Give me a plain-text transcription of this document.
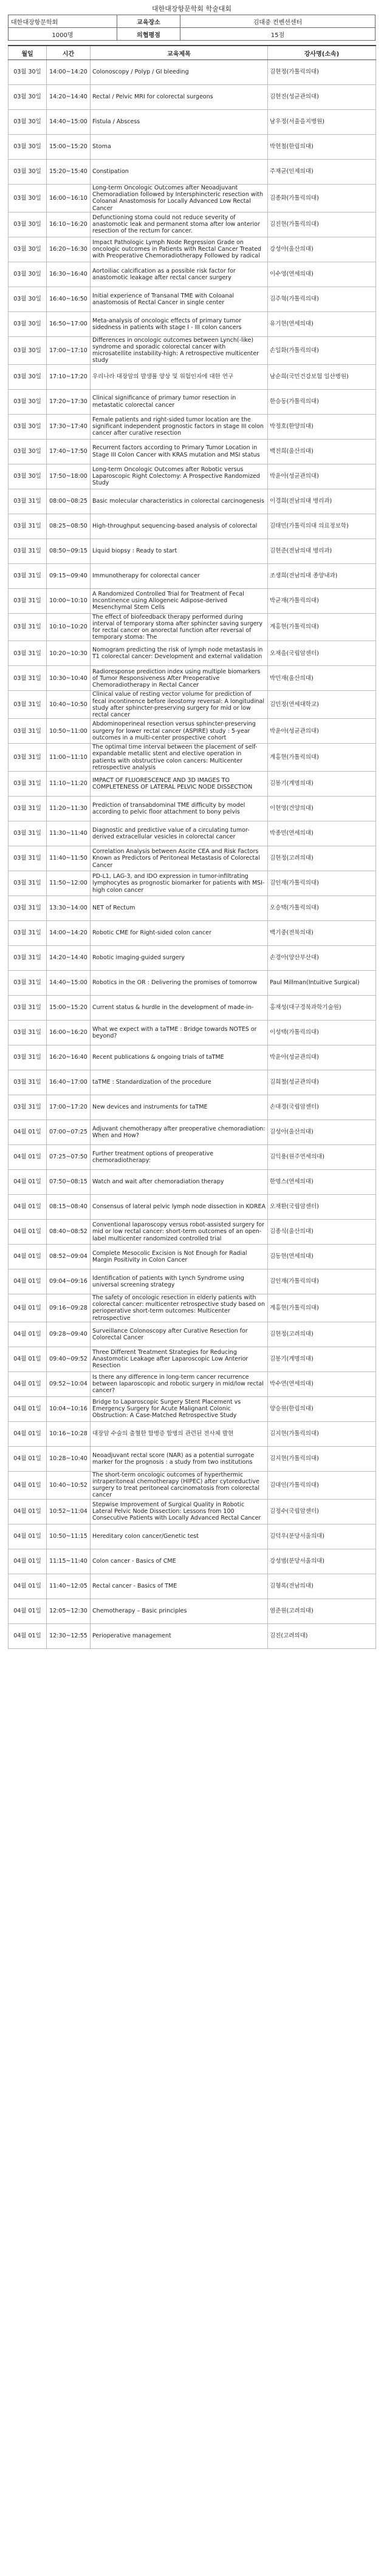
대한대장항문학회 학술대회
대한대장항문학회	교육장소	김대중 컨벤션센터
1000명	의협평점	15점
월일	시간	교육제목	강사명(소속)
03월 30일	14:00~14:20	Colonoscopy / Polyp / GI bleeding	김현정(가톨릭의대)
03월 30일	14:20~14:40	Rectal / Pelvic MRI for colorectal surgeons	김현진(성균관의대)
03월 30일	14:40~15:00	Fistula / Abscess	남우정(서울을지병원)
03월 30일	15:00~15:20	Stoma	박현철(한림의대)
03월 30일	15:20~15:40	Constipation	주재균(인제의대)
03월 30일	16:00~16:10	Long-term Oncologic Outcomes after Neoadjuvant Chemoradiation followed by Intersphincteric resection with Coloanal Anastomosis for Locally Advanced Low Rectal Cancer	김종화(가톨릭의대)
03월 30일	16:10~16:20	Defunctioning stoma could not reduce severity of anastomotic leak and permanent stoma after low anterior resection of the rectum for cancer.	김진현(가톨릭의대)
03월 30일	16:20~16:30	Impact Pathologic Lymph Node Regression Grade on oncologic outcomes in Patients with Rectal Cancer Treated with Preoperative Chemoradiotherapy Followed by radical	강성아(울산의대)
03월 30일	16:30~16:40	Aortoiliac calcification as a possible risk factor for anastomotic leakage after rectal cancer surgery	이수영(연세의대)
03월 30일	16:40~16:50	Initial experience of Transanal TME with Coloanal anastomosis of Rectal Cancer in single center	김주혁(가톨릭의대)
03월 30일	16:50~17:00	Meta-analysis of oncologic effects of primary tumor sidedness in patients with stage I - III colon cancers	유기현(연세의대)
03월 30일	17:00~17:10	Differences in oncologic outcomes between Lynch(-like) syndrome and sporadic colorectal cancer with microsatellite instability-high: A retrospective multicenter study	손일화(가톨릭의대)
03월 30일	17:10~17:20	우리나라 대장암의 발생률 양상 및 위험인자에 대한 연구	남순희(국민건강보험 일산병원)
03월 30일	17:20~17:30	Clinical significance of primary tumor resection in metastatic colorectal cancer	한승동(가톨릭의대)
03월 30일	17:30~17:40	Female patients and right-sided tumor location are the significant independent prognostic factors in stage III colon cancer after curative resection	박정호(한양의대)
03월 30일	17:40~17:50	Recurrent factors according to Primary Tumor Location in Stage III Colon Cancer with KRAS mutation and MSI status	백진희(울산의대)
03월 30일	17:50~18:00	Long-term Oncologic Outcomes after Robotic versus Laparoscopic Right Colectomy: A Prospective Randomized Study	박윤아(성균관의대)
03월 31일	08:00~08:25	Basic molecular characteristics in colorectal carcinogenesis	이경희(전남의대 병리과)
03월 31일	08:25~08:50	High-throughput sequencing-based analysis of colorectal	김태민(가톨릭의대 의료정보학)
03월 31일	08:50~09:15	Liquid biopsy : Ready to start	김현준(전남의대 병리과)
03월 31일	09:15~09:40	Immunotherapy for colorectal cancer	조생희(전남의대 종양내과)
03월 31일	10:00~10:10	A Randomized Controlled Trial for Treatment of Fecal Incontinence using Allogeneic Adipose-derived Mesenchymal Stem Cells	박균재(가톨릭의대)
03월 31일	10:10~10:20	The effect of biofeedback therapy performed during interval of temporary stoma after sphincter saving surgery for rectal cancer on anorectal function after reversal of temporary stoma: The	계홍현(가톨릭의대)
03월 31일	10:20~10:30	Nomogram predicting the risk of lymph node metastasis in T1 colorectal cancer: Development and external validation	오재을(국립암센터)
03월 31일	10:30~10:40	Radioresponse prediction index using multiple biomarkers of Tumor Responsiveness After Preoperative Chemoradiotherapy in Rectal Cancer	박민재(울산의대)
03월 31일	10:40~10:50	Clinical value of resting vector volume for prediction of fecal incontinence before ileostomy reversal: A longitudinal study after sphincter-preserving surgery for mid or low rectal cancer	김민정(연세대학교)
03월 31일	10:50~11:00	Abdominoperineal resection versus sphincter-preserving surgery for lower rectal cancer (ASPIRE) study : 5-year outcomes in a multi-center prospective cohort	박윤아(성균관의대)
03월 31일	11:00~11:10	The optimal time interval between the placement of self-expandable metallic stent and elective operation in patients with obstructive colon cancers: Multicenter retrospective analysis	계홍현(가톨릭의대)
03월 31일	11:10~11:20	IMPACT OF FLUORESCENCE AND 3D IMAGES TO COMPLETENESS OF LATERAL PELVIC NODE DISSECTION	김봉기(계명의대)
03월 31일	11:20~11:30	Prediction of transabdominal TME difficulty by model according to pelvic floor attachment to bony pelvis	이현영(건양의대)
03월 31일	11:30~11:40	Diagnostic and predictive value of a circulating tumor-derived extracellular vesicles in colorectal cancer	박종민(연세의대)
03월 31일	11:40~11:50	Correlation Analysis between Ascite CEA and Risk Factors Known as Predictors of Peritoneal Metastasis of Colorectal Cancer	김현정(고려의대)
03월 31일	11:50~12:00	PD-L1, LAG-3, and IDO expression in tumor-infiltrating lymphocytes as prognostic biomarker for patients with MSI-high colon cancer	김인재(가톨릭의대)
03월 31일	13:30~14:00	NET of Rectum	오승택(가톨릭의대)
03월 31일	14:00~14:20	Robotic CME for Right-sided colon cancer	백기중(전북의대)
03월 31일	14:20~14:40	Robotic imaging-guided surgery	손경아(양산부산대)
03월 31일	14:40~15:00	Robotics in the OR : Delivering the promises of tomorrow	Paul Millman(Intuitive Surgical)
03월 31일	15:00~15:20	Current status & hurdle in the development of made-in-	홍재성(대구경북과학기술원)
03월 31일	16:00~16:20	What we expect with a taTME : Bridge towards NOTES or beyond?	이성택(가톨릭의대)
03월 31일	16:20~16:40	Recent publications & ongoing trials of taTME	박윤아(성균관의대)
03월 31일	16:40~17:00	taTME : Standardization of the procedure	김희철(성균관의대)
03월 31일	17:00~17:20	New devices and instruments for taTME	손대경(국립암센터)
04월 01일	07:00~07:25	Adjuvant chemotherapy after preoperative chemoradiation: When and How?	김성아(울산의대)
04월 01일	07:25~07:50	Further treatment options of preoperative chemoradiotherapy:	김익용(원주연세의대)
04월 01일	07:50~08:15	Watch and wait after chemoradiation therapy	한명스(연세의대)
04월 01일	08:15~08:40	Consensus of lateral pelvic lymph node dissection in KOREA	오재환(국립암센터)
04월 01일	08:40~08:52	Conventional laparoscopy versus robot-assisted surgery for mid or low rectal cancer: short-term outcomes of an open-label multicenter randomized controlled trial	김종식(울산의대)
04월 01일	08:52~09:04	Complete Mesocolic Excision is Not Enough for Radial Margin Positivity in Colon Cancer	김동현(연세의대)
04월 01일	09:04~09:16	Identification of patients with Lynch Syndrome using universal screening strategy	김인재(가톨릭의대)
04월 01일	09:16~09:28	The safety of oncologic resection in elderly patients with colorectal cancer: multicenter retrospective study based on perioperative short-term outcomes: Multicenter retrospective	계홍현(가톨릭의대)
04월 01일	09:28~09:40	Surveillance Colonoscopy after Curative Resection for Colorectal Cancer	김현정(고려의대)
04월 01일	09:40~09:52	Three Different Treatment Strategies for Reducing Anastomotic Leakage after Laparoscopic Low Anterior Resection	김봉기(계명의대)
04월 01일	09:52~10:04	Is there any difference in long-term cancer recurrence between laparoscopic and robotic surgery in mid/low rectal cancer?	박수연(연세의대)
04월 01일	10:04~10:16	Bridge to Laparoscopic Surgery Stent Placement vs Emergency Surgery for Acute Malignant Colonic Obstruction: A Case-Matched Retrospective Study	양승원(한림의대)
04월 01일	10:16~10:28	대장암 수술의 출혈한 합병증 합병의 관련된 전사체 발현	김지현(가톨릭의대)
04월 01일	10:28~10:40	Neoadjuvant rectal score (NAR) as a potential surrogate marker for the prognosis : a study from two institutions	김지현(가톨릭의대)
04월 01일	10:40~10:52	The short-term oncologic outcomes of hyperthermic intraperitoneal chemotherapy (HIPEC) after cytoreductive surgery to treat peritoneal carcinomatosis from colorectal cancer	김대인(가톨릭의대)
04월 01일	10:52~11:04	Stepwise Improvement of Surgical Quality in Robotic Lateral Pelvic Node Dissection: Lessons from 100 Consecutive Patients with Locally Advanced Rectal Cancer	김정수(국립암센터)
04월 01일	10:50~11:15	Hereditary colon cancer/Genetic test	김덕우(분당서울의대)
04월 01일	11:15~11:40	Colon cancer - Basics of CME	강성범(분당서울의대)
04월 01일	11:40~12:05	Rectal cancer - Basics of TME	김형록(전남의대)
04월 01일	12:05~12:30	Chemotherapy – Basic principles	염준원(고려의대)
04월 01일	12:30~12:55	Perioperative management	김진(고려의대)
